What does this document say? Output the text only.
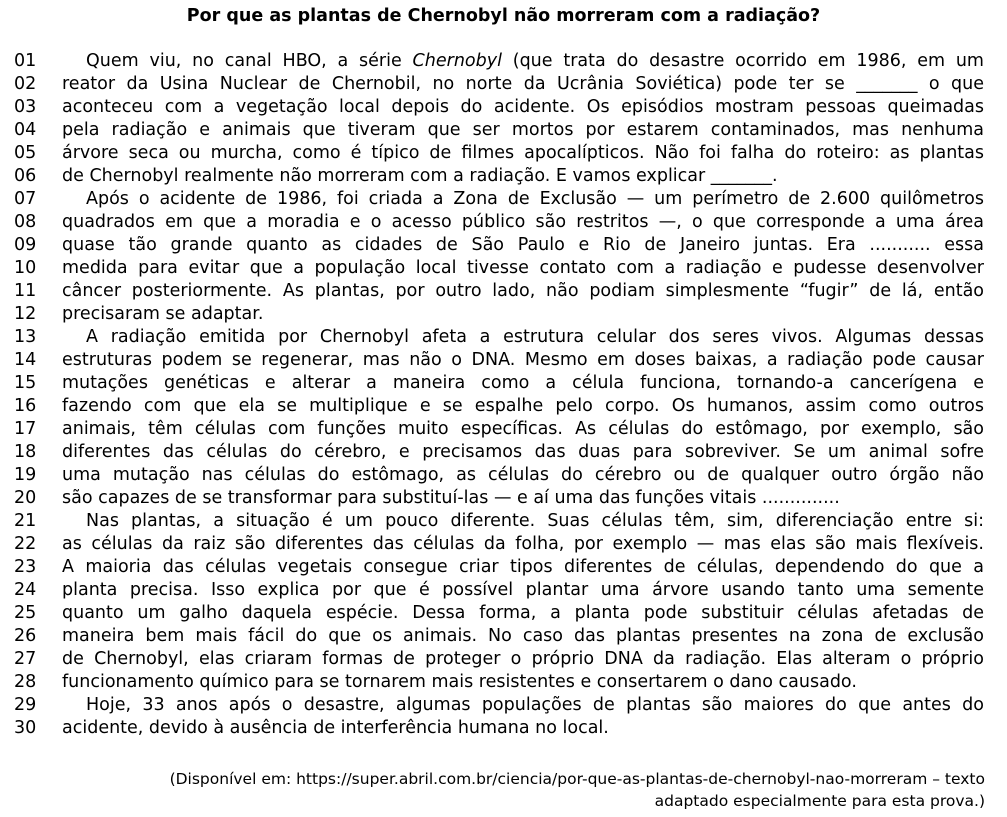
Por que as plantas de Chernobyl não morreram com a radiação?
01	Quem viu, no canal HBO, a série Chernobyl (que trata do desastre ocorrido em 1986, em um
02	reator da Usina Nuclear de Chernobil, no norte da Ucrânia Soviética) pode ter se _______ o que
03	aconteceu com a vegetação local depois do acidente. Os episódios mostram pessoas queimadas
04	pela radiação e animais que tiveram que ser mortos por estarem contaminados, mas nenhuma
05	árvore seca ou murcha, como é típico de filmes apocalípticos. Não foi falha do roteiro: as plantas
06	de Chernobyl realmente não morreram com a radiação. E vamos explicar _______.
07	Após o acidente de 1986, foi criada a Zona de Exclusão — um perímetro de 2.600 quilômetros
08	quadrados em que a moradia e o acesso público são restritos —, o que corresponde a uma área
09	quase tão grande quanto as cidades de São Paulo e Rio de Janeiro juntas. Era ........... essa
10	medida para evitar que a população local tivesse contato com a radiação e pudesse desenvolver
11	câncer posteriormente. As plantas, por outro lado, não podiam simplesmente “fugir” de lá, então
12	precisaram se adaptar.
13	A radiação emitida por Chernobyl afeta a estrutura celular dos seres vivos. Algumas dessas
14	estruturas podem se regenerar, mas não o DNA. Mesmo em doses baixas, a radiação pode causar
15	mutações genéticas e alterar a maneira como a célula funciona, tornando-a cancerígena e
16	fazendo com que ela se multiplique e se espalhe pelo corpo. Os humanos, assim como outros
17	animais, têm células com funções muito específicas. As células do estômago, por exemplo, são
18	diferentes das células do cérebro, e precisamos das duas para sobreviver. Se um animal sofre
19	uma mutação nas células do estômago, as células do cérebro ou de qualquer outro órgão não
20	são capazes de se transformar para substituí-las — e aí uma das funções vitais ..............
21	Nas plantas, a situação é um pouco diferente. Suas células têm, sim, diferenciação entre si:
22	as células da raiz são diferentes das células da folha, por exemplo — mas elas são mais flexíveis.
23	A maioria das células vegetais consegue criar tipos diferentes de células, dependendo do que a
24	planta precisa. Isso explica por que é possível plantar uma árvore usando tanto uma semente
25	quanto um galho daquela espécie. Dessa forma, a planta pode substituir células afetadas de
26	maneira bem mais fácil do que os animais. No caso das plantas presentes na zona de exclusão
27	de Chernobyl, elas criaram formas de proteger o próprio DNA da radiação. Elas alteram o próprio
28	funcionamento químico para se tornarem mais resistentes e consertarem o dano causado.
29	Hoje, 33 anos após o desastre, algumas populações de plantas são maiores do que antes do
30	acidente, devido à ausência de interferência humana no local.
(Disponível em: https://super.abril.com.br/ciencia/por-que-as-plantas-de-chernobyl-nao-morreram – texto
adaptado especialmente para esta prova.)
